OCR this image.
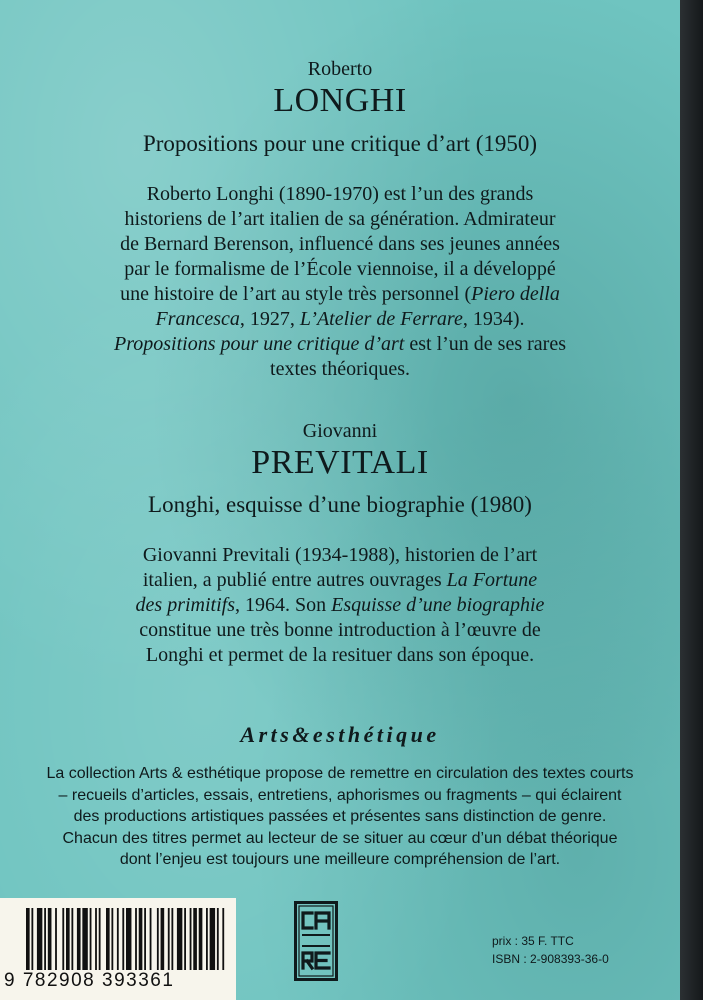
Roberto
LONGHI
Propositions pour une critique d’art (1950)
Roberto Longhi (1890-1970) est l’un des grands
historiens de l’art italien de sa génération. Admirateur
de Bernard Berenson, influencé dans ses jeunes années
par le formalisme de l’École viennoise, il a développé
une histoire de l’art au style très personnel (Piero della
Francesca, 1927, L’Atelier de Ferrare, 1934).
Propositions pour une critique d’art est l’un de ses rares
textes théoriques.
Giovanni
PREVITALI
Longhi, esquisse d’une biographie (1980)
Giovanni Previtali (1934-1988), historien de l’art
italien, a publié entre autres ouvrages La Fortune
des primitifs, 1964. Son Esquisse d’une biographie
constitue une très bonne introduction à l’œuvre de
Longhi et permet de la resituer dans son époque.
Arts&esthétique
La collection Arts & esthétique propose de remettre en circulation des textes courts
– recueils d’articles, essais, entretiens, aphorismes ou fragments – qui éclairent
des productions artistiques passées et présentes sans distinction de genre.
Chacun des titres permet au lecteur de se situer au cœur d’un débat théorique
dont l’enjeu est toujours une meilleure compréhension de l’art.
9 782908 393361
prix : 35 F. TTC
ISBN : 2-908393-36-0
